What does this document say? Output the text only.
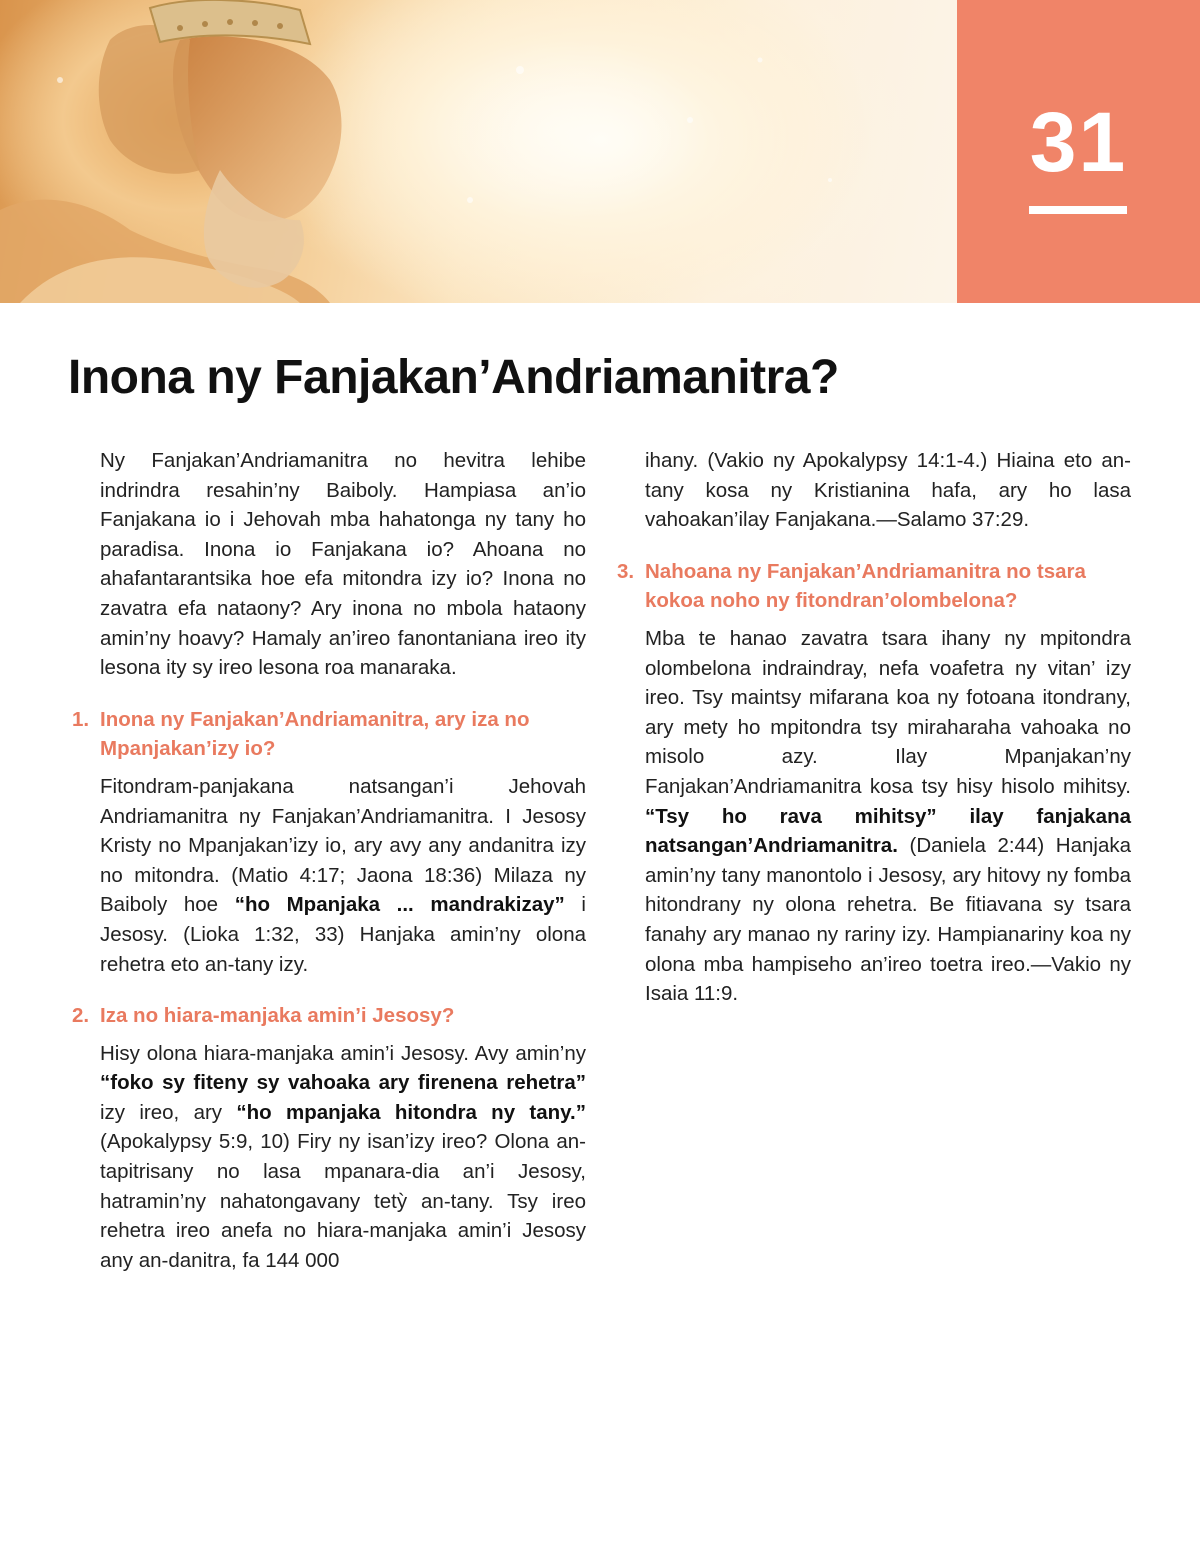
31
Inona ny Fanjakan’Andriamanitra?

Ny Fanjakan’Andriamanitra no hevitra lehibe indrindra resahin’ny Baiboly. Hampiasa an’io Fanjakana io i Jehovah mba hahatonga ny tany ho paradisa. Inona io Fanjakana io? Ahoana no ahafantarantsika hoe efa mitondra izy io? Inona no zavatra efa nataony? Ary inona no mbola hataony amin’ny hoavy? Hamaly an’ireo fanontaniana ireo ity lesona ity sy ireo lesona roa manaraka.

1. Inona ny Fanjakan’Andriamanitra, ary iza no Mpanjakan’izy io?

Fitondram-panjakana natsangan’i Jehovah Andriamanitra ny Fanjakan’Andriamanitra. I Jesosy Kristy no Mpanjakan’izy io, ary avy any andanitra izy no mitondra. (Matio 4:17; Jaona 18:36) Milaza ny Baiboly hoe “ho Mpanjaka ... mandrakizay” i Jesosy. (Lioka 1:32, 33) Hanjaka amin’ny olona rehetra eto an-tany izy.

2. Iza no hiara-manjaka amin’i Jesosy?

Hisy olona hiara-manjaka amin’i Jesosy. Avy amin’ny “foko sy fiteny sy vahoaka ary firenena rehetra” izy ireo, ary “ho mpanjaka hitondra ny tany.” (Apokalypsy 5:9, 10) Firy ny isan’izy ireo? Olona an-tapitrisany no lasa mpanara-dia an’i Jesosy, hatramin’ny nahatongavany tetỳ an-tany. Tsy ireo rehetra ireo anefa no hiara-manjaka amin’i Jesosy any an-danitra, fa 144 000

ihany. (Vakio ny Apokalypsy 14:1-4.) Hiaina eto an-tany kosa ny Kristianina hafa, ary ho lasa vahoakan’ilay Fanjakana.—Salamo 37:29.

3. Nahoana ny Fanjakan’Andriamanitra no tsara kokoa noho ny fitondran’olombelona?

Mba te hanao zavatra tsara ihany ny mpitondra olombelona indraindray, nefa voafetra ny vitan’ izy ireo. Tsy maintsy mifarana koa ny fotoana itondrany, ary mety ho mpitondra tsy miraharaha vahoaka no misolo azy. Ilay Mpanjakan’ny Fanjakan’Andriamanitra kosa tsy hisy hisolo mihitsy. “Tsy ho rava mihitsy” ilay fanjakana natsangan’Andriamanitra. (Daniela 2:44) Hanjaka amin’ny tany manontolo i Jesosy, ary hitovy ny fomba hitondrany ny olona rehetra. Be fitiavana sy tsara fanahy ary manao ny rariny izy. Hampianariny koa ny olona mba hampiseho an’ireo toetra ireo.—Vakio ny Isaia 11:9.
